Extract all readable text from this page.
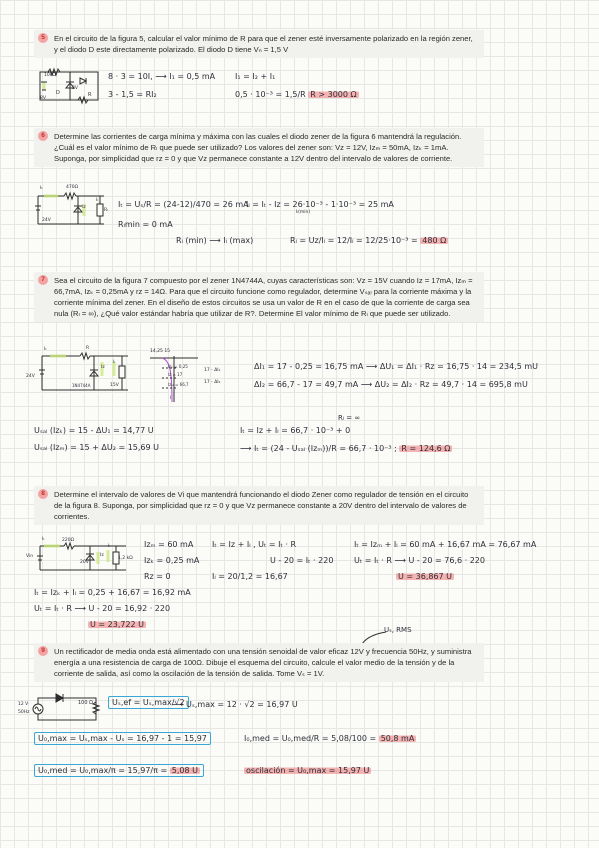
5	En el circuito de la figura 5, calcular el valor mínimo de R para que el zener esté inversamente polarizado en la región zener, y el diodo D este directamente polarizado. El diodo D tiene Vₙ = 1,5 V
10kΩ
3V
D	R
8V
8 · 3 = 10I, ⟶ I₁ = 0,5 mA
3 - 1,5 = RI₂
I₁ = I₂ + I₁
0,5 · 10⁻³ = 1,5/R R > 3000 Ω
6	Determine las corrientes de carga mínima y máxima con las cuales el diodo zener de la figura 6 mantendrá la regulación. ¿Cuál es el valor mínimo de Rₗ que puede ser utilizado? Los valores del zener son: Vᴢ = 12V, Iᴢₘ = 50mA, Iᴢₖ = 1mA. Suponga, por simplicidad que rᴢ = 0 y que Vᴢ permanece constante a 12V dentro del intervalo de valores de corriente.
Iₜ	470Ω
Iᴢ
Iₗ
Rₗ
24V
Iₜ = Uₛ/R = (24-12)/470 = 26 mA
Rₗmin = 0 mA
Iₗ = Iₜ - Iᴢ = 26·10⁻³ - 1·10⁻³ = 25 mA
Iₗ(min)
Rₗ (min) ⟶ Iₗ (max)	Rₗ = Uᴢ/Iₗ = 12/Iₗ = 12/25·10⁻³ = 480 Ω
7	Sea el circuito de la figura 7 compuesto por el zener 1N4744A, cuyas características son: Vᴢ = 15V cuando Iᴢ = 17mA, Iᴢₘ = 66,7mA, Iᴢₖ = 0,25mA y rᴢ = 14Ω. Para que el circuito funcione como regulador, determine Vₛₐₗ para la corriente máxima y la corriente mínima del zener. En el diseño de estos circuitos se usa un valor de R en el caso de que la corriente de carga sea nula (Rₗ = ∞), ¿Qué valor estándar habría que utilizar de R?. Determine El valor mínimo de Rₗ que puede ser utilizado.
Iₜ	R
Iᴢ
Iₗ
24V
1N4744A	15V
14,25 15
Iᴢₖ = 0,25
Iᴢ = 17
Iᴢₘ = 66,7
17 - ΔI₁
17 - ΔI₂
I
ΔI₁ = 17 - 0,25 = 16,75 mA ⟶ ΔU₁ = ΔI₁ · Rᴢ = 16,75 · 14 = 234,5 mU
ΔI₂ = 66,7 - 17 = 49,7 mA ⟶ ΔU₂ = ΔI₂ · Rᴢ = 49,7 · 14 = 695,8 mU
Uₛₐₗ (Iᴢₖ) = 15 - ΔU₁ = 14,77 U
Uₛₐₗ (Iᴢₘ) = 15 + ΔU₂ = 15,69 U
Iₜ = Iᴢ + Iₗ = 66,7 · 10⁻³ + 0
Rₗ = ∞
⟶ Iₜ = (24 - Uₛₐₗ (Iᴢₘ))/R = 66,7 · 10⁻³ ; R = 124,6 Ω
8	Determine el intervalo de valores de Vi que mantendrá funcionando el diodo Zener como regulador de tensión en el circuito de la figura 8. Suponga, por simplicidad que rᴢ = 0 y que Vᴢ permanece constante a 20V dentro del intervalo de valores de corrientes.
Iₜ	220Ω
Iᴢ
Iₗ
1,2 kΩ
Vin
20V
Iᴢₘ = 60 mA
Iᴢₖ = 0,25 mA
Rᴢ = 0
Iₜ = Iᴢ + Iₗ , Uₜ = Iₜ · R
U - 20 = Iₜ · 220
Iₗ = 20/1,2 = 16,67
Iₜ = Iᴢₘ + Iₗ = 60 mA + 16,67 mA = 76,67 mA
Uₜ = Iₜ · R ⟶ U - 20 = 76,6 · 220
U = 36,867 U
Iₜ = Iᴢₖ + Iₗ = 0,25 + 16,67 = 16,92 mA
Uₜ = Iₜ · R ⟶ U - 20 = 16,92 · 220
U = 23,722 U
Uₛ, RMS
9	Un rectificador de media onda está alimentado con una tensión senoidal de valor eficaz 12V y frecuencia 50Hz, y suministra energía a una resistencia de carga de 100Ω. Dibuje el esquema del circuito, calcule el valor medio de la tensión y de la corriente de salida, así como la oscilación de la tensión de salida. Tome Vₛ = 1V.
12 V
50Hz
100 Ω	Uₛ,ef = Uₛ,max/√2
⟶ Uₛ,max = 12 · √2 = 16,97 U
U₀,max = Uₛ,max - Uₛ = 16,97 - 1 = 15,97	I₀,med = U₀,med/R = 5,08/100 = 50,8 mA
U₀,med = U₀,max/π = 15,97/π = 5,08 U	oscilación = U₀,max = 15,97 U
